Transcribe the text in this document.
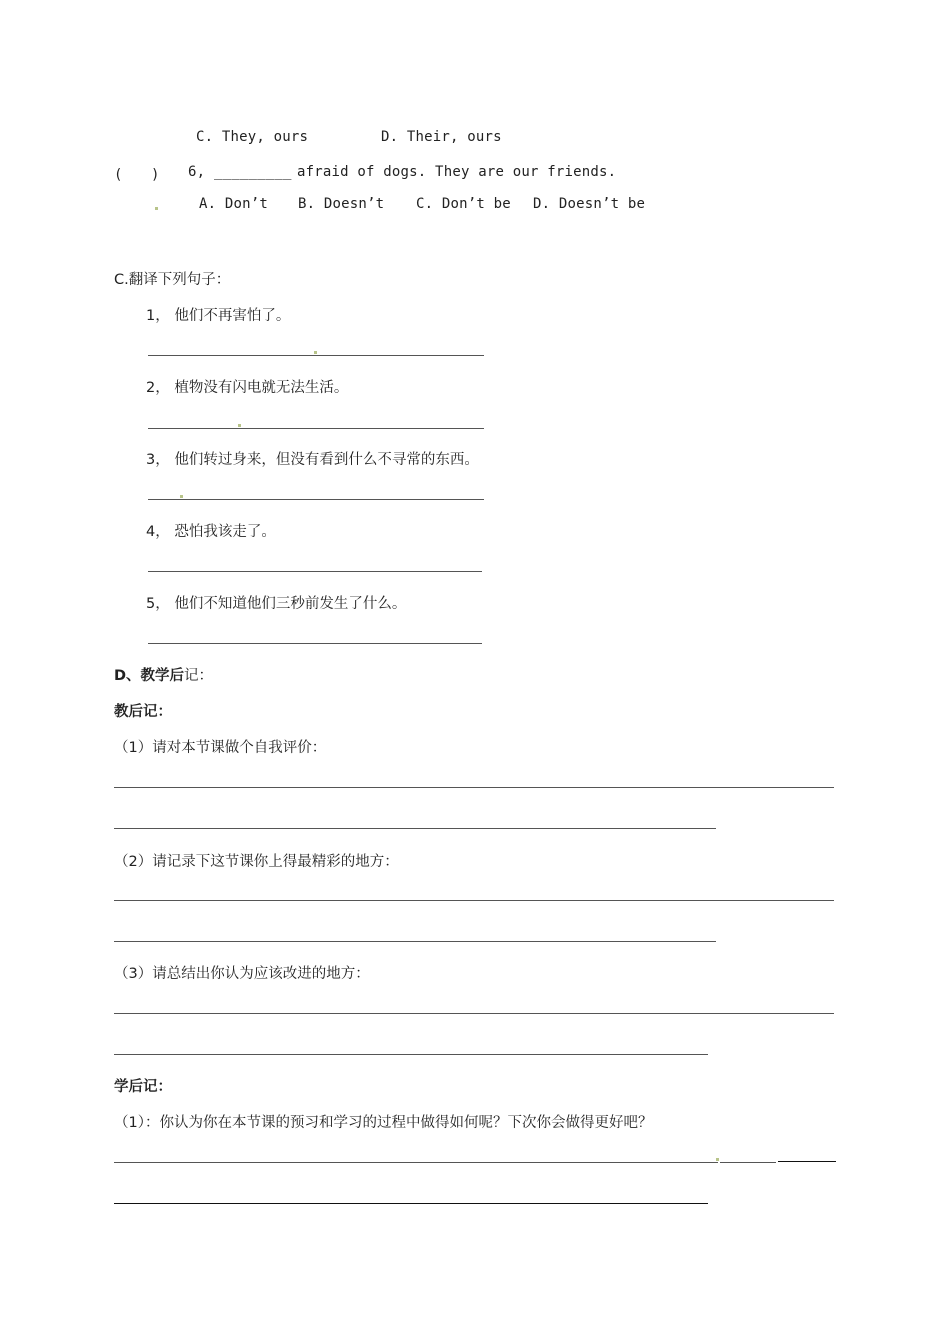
C. They, ours	D. Their, ours
(　　) 6, _________ afraid of dogs. They are our friends.
A. Don’t B. Doesn’t C. Don’t be D. Doesn’t be
C.翻译下列句子：
1， 他们不再害怕了。
2， 植物没有闪电就无法生活。
3， 他们转过身来，但没有看到什么不寻常的东西。
4， 恐怕我该走了。
5， 他们不知道他们三秒前发生了什么。
D、教学后记：
教后记：
（1）请对本节课做个自我评价：
（2）请记录下这节课你上得最精彩的地方：
（3）请总结出你认为应该改进的地方：
学后记：
（1）：你认为你在本节课的预习和学习的过程中做得如何呢？下次你会做得更好吧？
